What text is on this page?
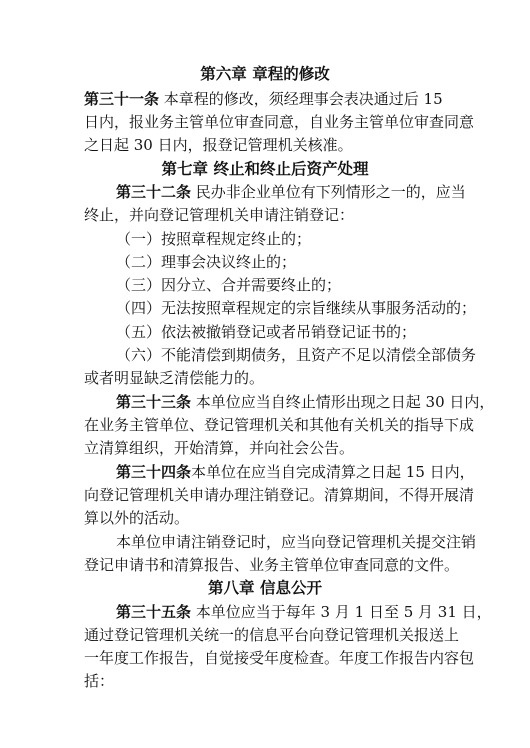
第六章 章程的修改
第三十一条 本章程的修改，须经理事会表决通过后 15
日内，报业务主管单位审查同意，自业务主管单位审查同意
之日起 30 日内，报登记管理机关核准。
第七章 终止和终止后资产处理
第三十二条 民办非企业单位有下列情形之一的，应当
终止，并向登记管理机关申请注销登记：
（一）按照章程规定终止的；
（二）理事会决议终止的；
（三）因分立、合并需要终止的；
（四）无法按照章程规定的宗旨继续从事服务活动的；
（五）依法被撤销登记或者吊销登记证书的；
（六）不能清偿到期债务，且资产不足以清偿全部债务
或者明显缺乏清偿能力的。
第三十三条 本单位应当自终止情形出现之日起 30 日内，
在业务主管单位、登记管理机关和其他有关机关的指导下成
立清算组织，开始清算，并向社会公告。
第三十四条本单位在应当自完成清算之日起 15 日内，
向登记管理机关申请办理注销登记。清算期间，不得开展清
算以外的活动。
本单位申请注销登记时，应当向登记管理机关提交注销
登记申请书和清算报告、业务主管单位审查同意的文件。
第八章 信息公开
第三十五条 本单位应当于每年 3 月 1 日至 5 月 31 日，
通过登记管理机关统一的信息平台向登记管理机关报送上
一年度工作报告，自觉接受年度检查。年度工作报告内容包
括：
